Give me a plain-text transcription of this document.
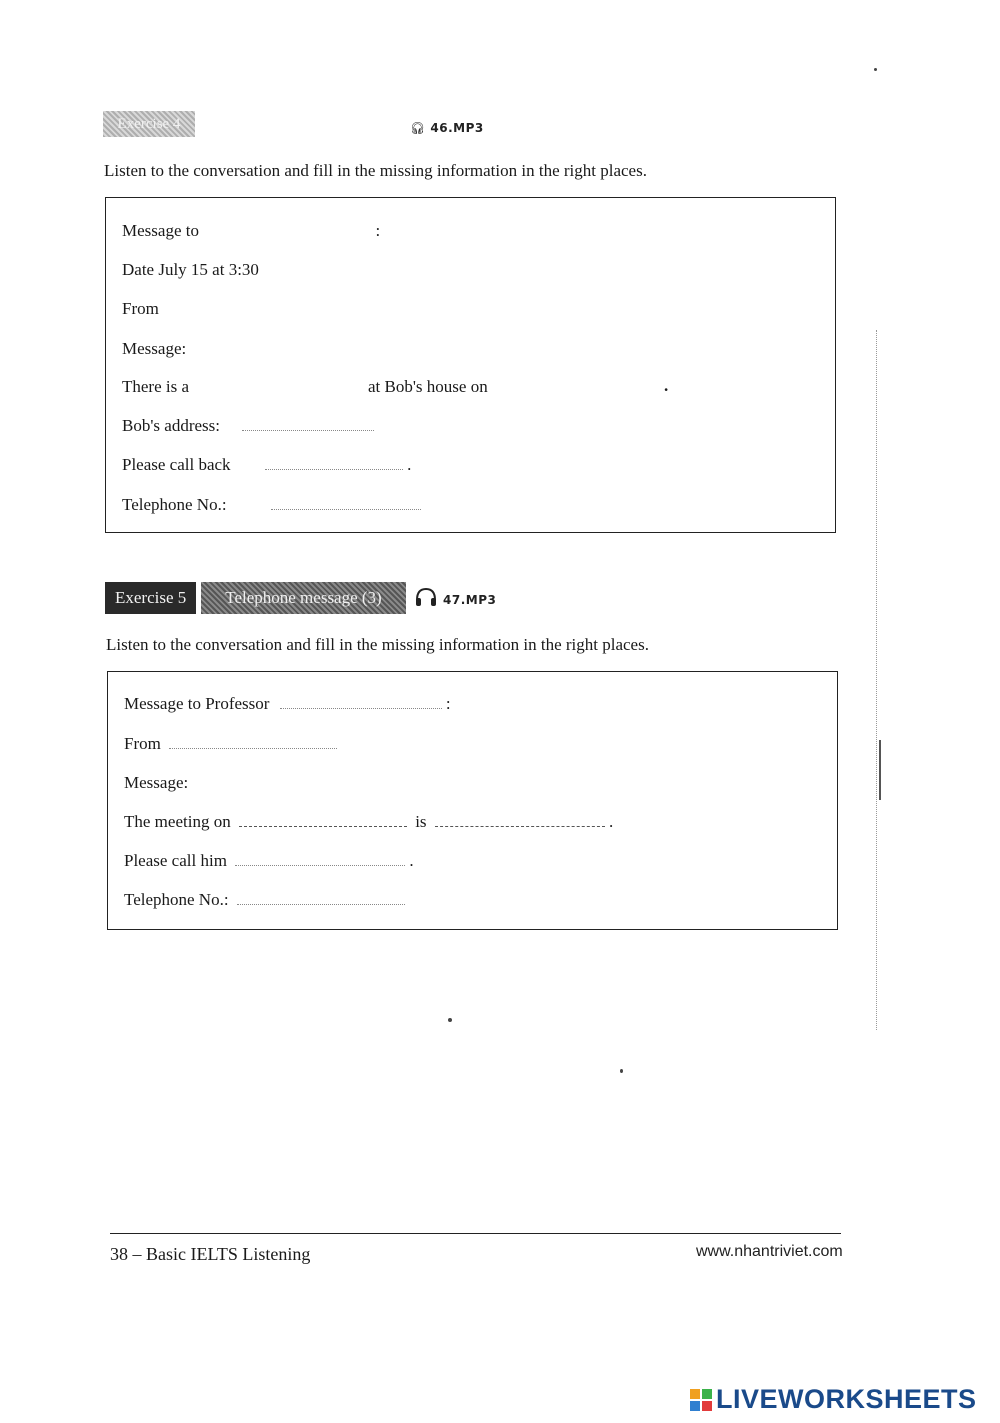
Exercise 4	🎧︎ 46.MP3
Listen to the conversation and fill in the missing information in the right places.
Message to	:
Date July 15 at 3:30
From
Message:
There is a	at Bob's house on	.
Bob's address:
Please call back	.
Telephone No.:
Exercise 5	Telephone message (3)	47.MP3
Listen to the conversation and fill in the missing information in the right places.
Message to Professor	:
From
Message:
The meeting on	is	.
Please call him	.
Telephone No.:
38 – Basic IELTS Listening	www.nhantriviet.com
LIVEWORKSHEETS
